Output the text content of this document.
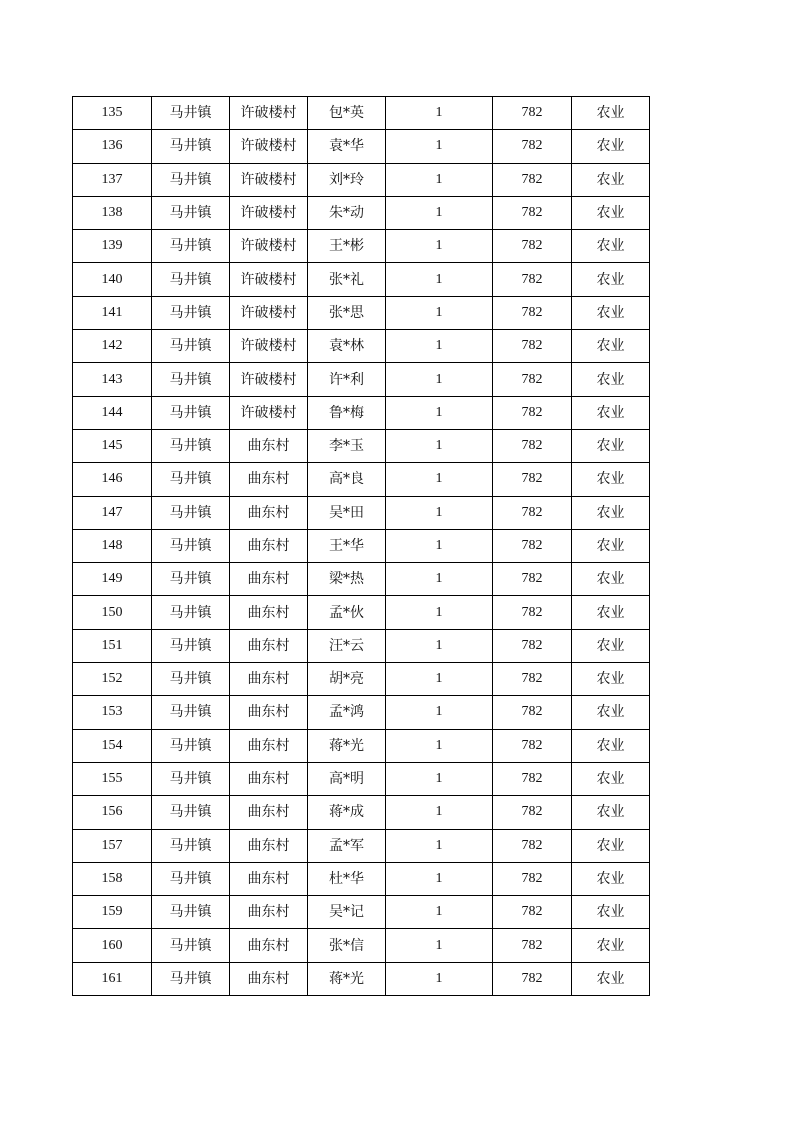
135	马井镇	许破楼村	包*英	1	782	农业
136	马井镇	许破楼村	袁*华	1	782	农业
137	马井镇	许破楼村	刘*玲	1	782	农业
138	马井镇	许破楼村	朱*动	1	782	农业
139	马井镇	许破楼村	王*彬	1	782	农业
140	马井镇	许破楼村	张*礼	1	782	农业
141	马井镇	许破楼村	张*思	1	782	农业
142	马井镇	许破楼村	袁*林	1	782	农业
143	马井镇	许破楼村	许*利	1	782	农业
144	马井镇	许破楼村	鲁*梅	1	782	农业
145	马井镇	曲东村	李*玉	1	782	农业
146	马井镇	曲东村	高*良	1	782	农业
147	马井镇	曲东村	吴*田	1	782	农业
148	马井镇	曲东村	王*华	1	782	农业
149	马井镇	曲东村	梁*热	1	782	农业
150	马井镇	曲东村	孟*伙	1	782	农业
151	马井镇	曲东村	汪*云	1	782	农业
152	马井镇	曲东村	胡*亮	1	782	农业
153	马井镇	曲东村	孟*鸿	1	782	农业
154	马井镇	曲东村	蒋*光	1	782	农业
155	马井镇	曲东村	高*明	1	782	农业
156	马井镇	曲东村	蒋*成	1	782	农业
157	马井镇	曲东村	孟*军	1	782	农业
158	马井镇	曲东村	杜*华	1	782	农业
159	马井镇	曲东村	吴*记	1	782	农业
160	马井镇	曲东村	张*信	1	782	农业
161	马井镇	曲东村	蒋*光	1	782	农业
